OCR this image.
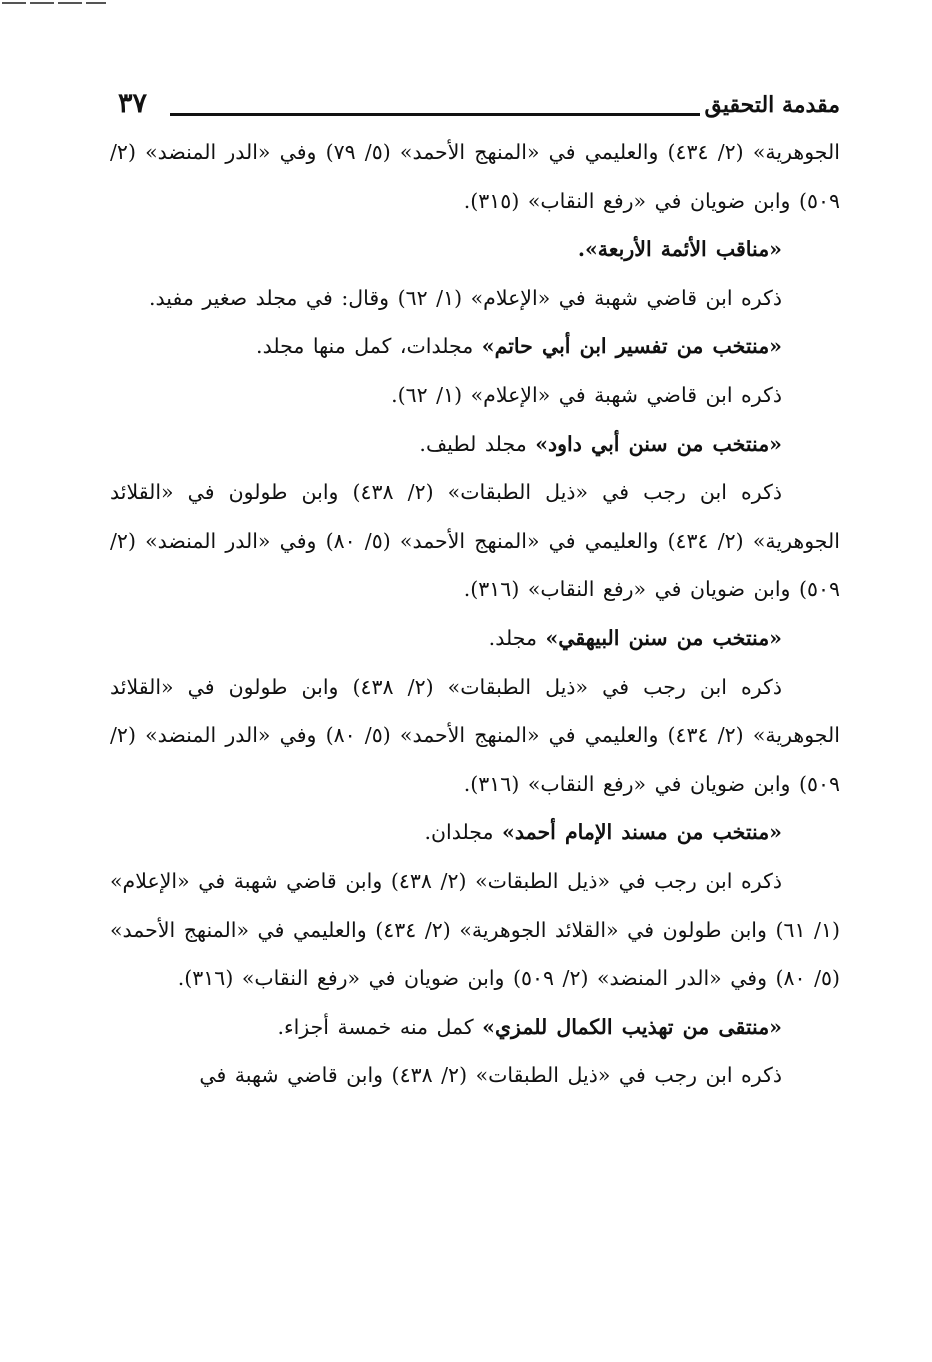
مقدمة التحقيق
٣٧

الجوهرية» (٢/ ٤٣٤) والعليمي في «المنهج الأحمد» (٥/ ٧٩) وفي «الدر المنضد» (٢/ ٥٠٩) وابن ضويان في «رفع النقاب» (٣١٥).

«مناقب الأئمة الأربعة».

ذكره ابن قاضي شهبة في «الإعلام» (١/ ٦٢) وقال: في مجلد صغير مفيد.

«منتخب من تفسير ابن أبي حاتم» مجلدات، كمل منها مجلد.

ذكره ابن قاضي شهبة في «الإعلام» (١/ ٦٢).

«منتخب من سنن أبي داود» مجلد لطيف.

ذكره ابن رجب في «ذيل الطبقات» (٢/ ٤٣٨) وابن طولون في «القلائد الجوهرية» (٢/ ٤٣٤) والعليمي في «المنهج الأحمد» (٥/ ٨٠) وفي «الدر المنضد» (٢/ ٥٠٩) وابن ضويان في «رفع النقاب» (٣١٦).

«منتخب من سنن البيهقي» مجلد.

ذكره ابن رجب في «ذيل الطبقات» (٢/ ٤٣٨) وابن طولون في «القلائد الجوهرية» (٢/ ٤٣٤) والعليمي في «المنهج الأحمد» (٥/ ٨٠) وفي «الدر المنضد» (٢/ ٥٠٩) وابن ضويان في «رفع النقاب» (٣١٦).

«منتخب من مسند الإمام أحمد» مجلدان.

ذكره ابن رجب في «ذيل الطبقات» (٢/ ٤٣٨) وابن قاضي شهبة في «الإعلام» (١/ ٦١) وابن طولون في «القلائد الجوهرية» (٢/ ٤٣٤) والعليمي في «المنهج الأحمد» (٥/ ٨٠) وفي «الدر المنضد» (٢/ ٥٠٩) وابن ضويان في «رفع النقاب» (٣١٦).

«منتقى من تهذيب الكمال للمزي» كمل منه خمسة أجزاء.

ذكره ابن رجب في «ذيل الطبقات» (٢/ ٤٣٨) وابن قاضي شهبة في
